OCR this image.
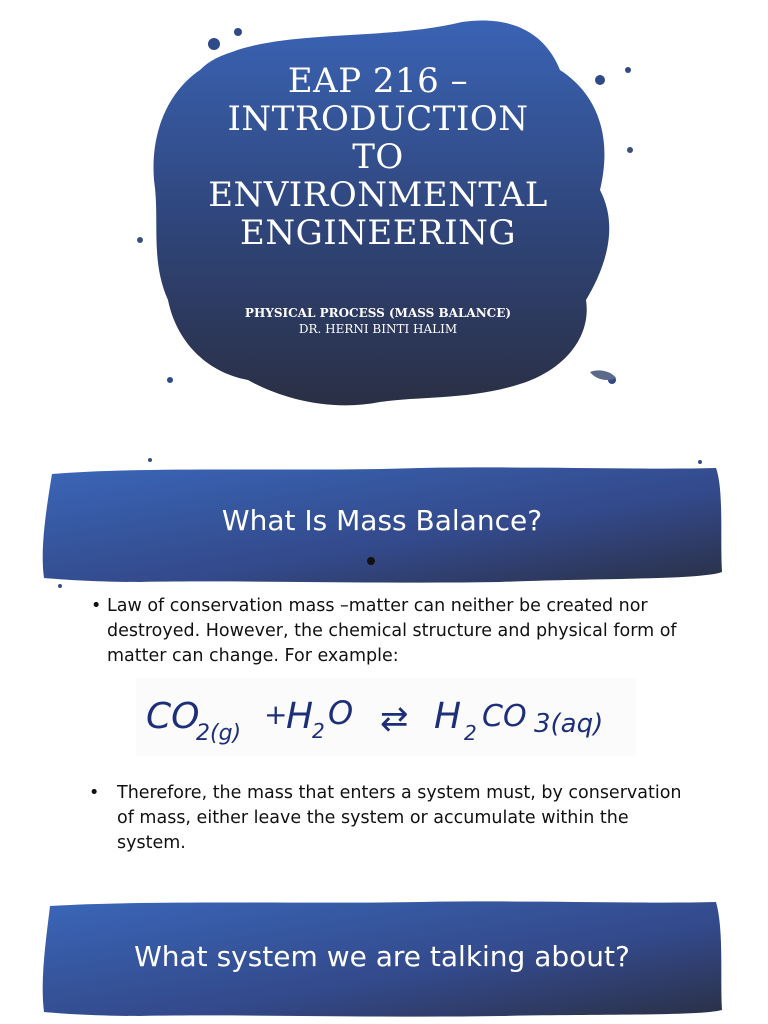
EAP 216 –
INTRODUCTION
TO
ENVIRONMENTAL
ENGINEERING
PHYSICAL PROCESS (MASS BALANCE)
DR. HERNI BINTI HALIM
What Is Mass Balance?
• Law of conservation mass –matter can neither be created nor destroyed. However, the chemical structure and physical form of matter can change. For example:
CO
2(g)
+
H
2 O ⇄ H 2 CO 3(aq)
• Therefore, the mass that enters a system must, by conservation of mass, either leave the system or accumulate within the system.
What system we are talking about?
